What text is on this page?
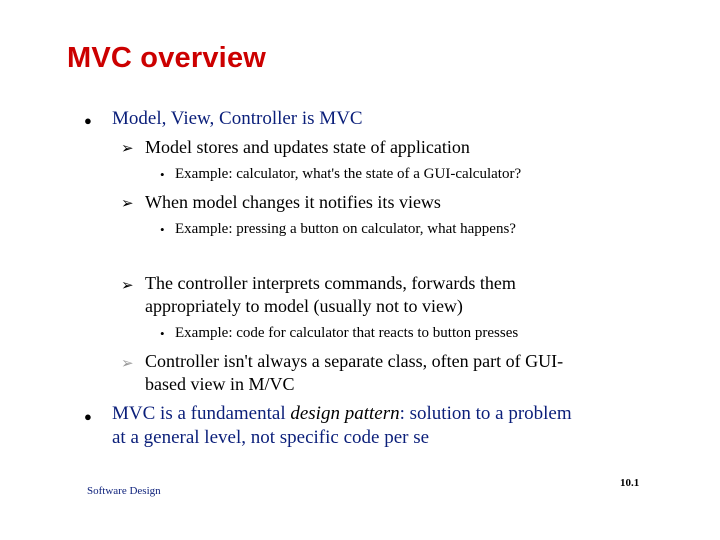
MVC overview
● Model, View, Controller is MVC
➢ Model stores and updates state of application
• Example: calculator, what's the state of a GUI-calculator?
➢ When model changes it notifies its views
• Example: pressing a button on calculator, what happens?
➢ The controller interprets commands, forwards them
appropriately to model (usually not to view)
• Example: code for calculator that reacts to button presses
➢ Controller isn't always a separate class, often part of GUI-
based view in M/VC
● MVC is a fundamental design pattern: solution to a problem
at a general level, not specific code per se
Software Design
10.1
